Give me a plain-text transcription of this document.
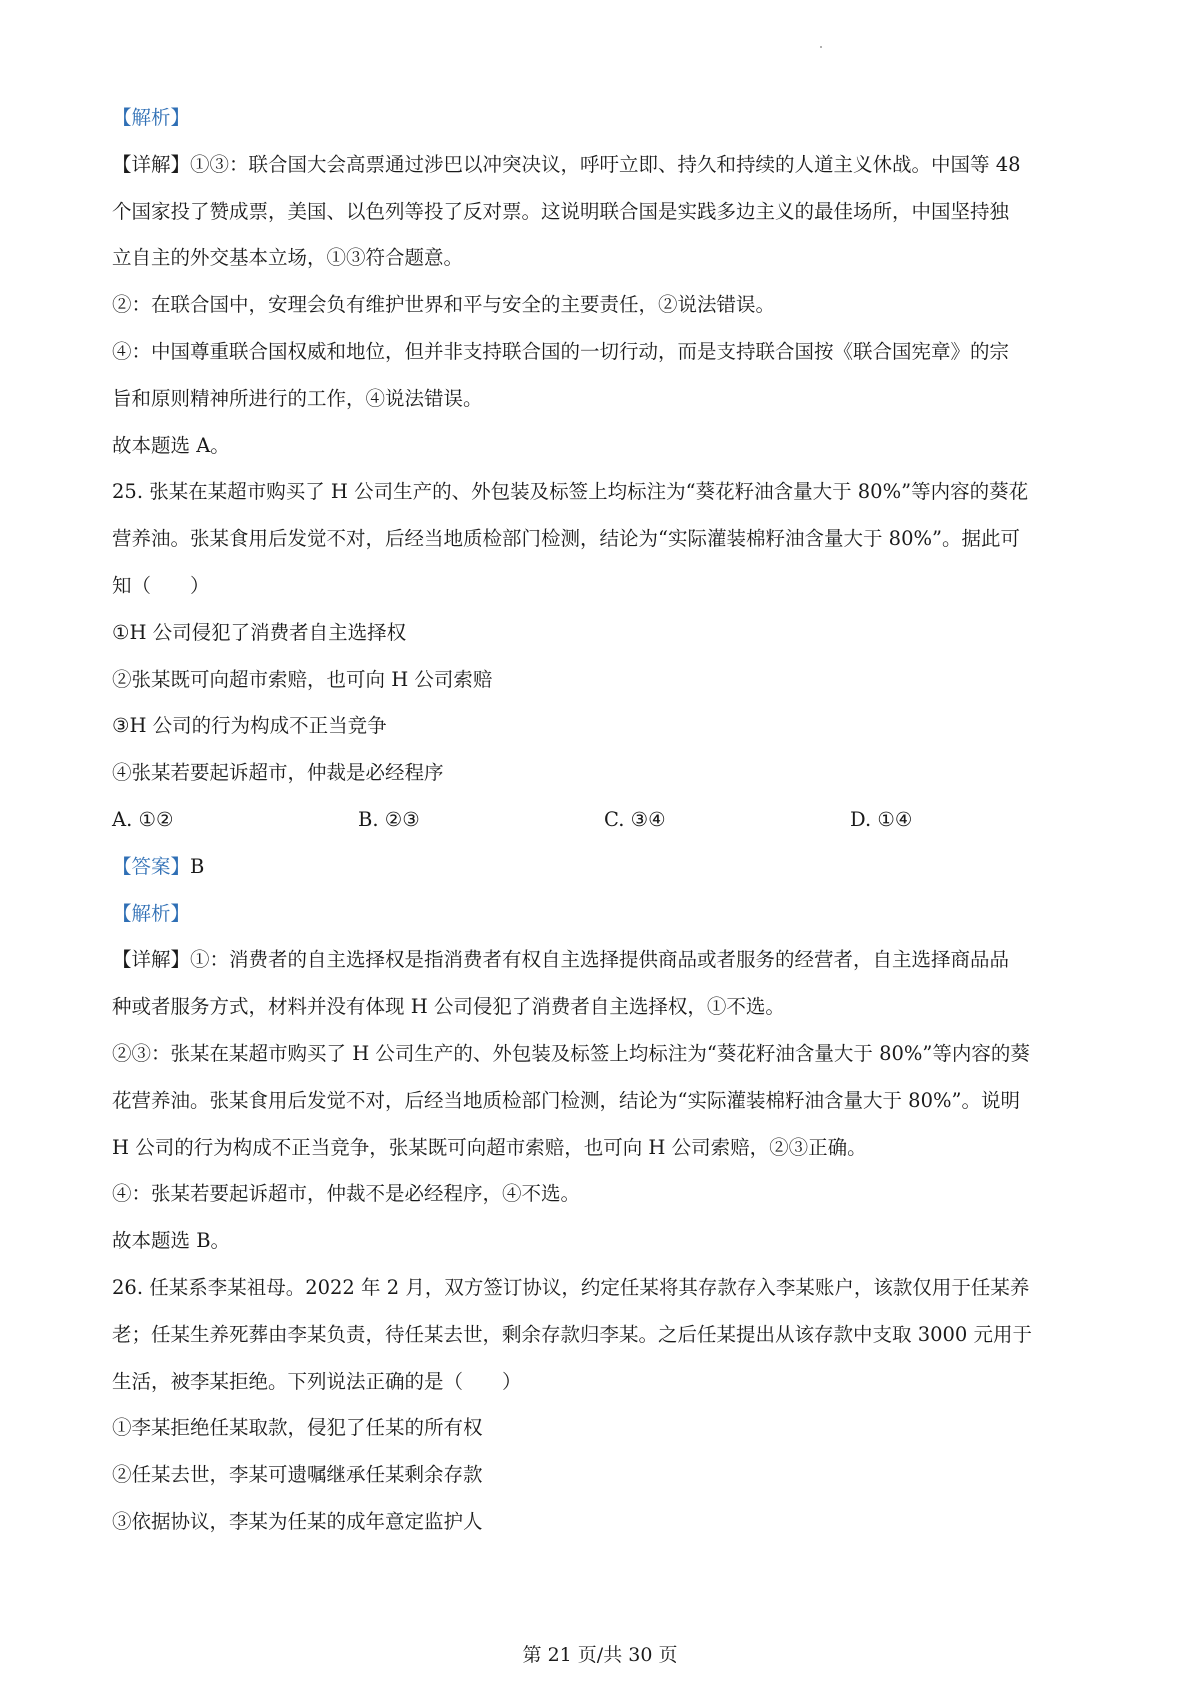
【解析】
【详解】①③：联合国大会高票通过涉巴以冲突决议，呼吁立即、持久和持续的人道主义休战。中国等 48
个国家投了赞成票，美国、以色列等投了反对票。这说明联合国是实践多边主义的最佳场所，中国坚持独
立自主的外交基本立场，①③符合题意。
②：在联合国中，安理会负有维护世界和平与安全的主要责任，②说法错误。
④：中国尊重联合国权威和地位，但并非支持联合国的一切行动，而是支持联合国按《联合国宪章》的宗
旨和原则精神所进行的工作，④说法错误。
故本题选 A。
25. 张某在某超市购买了 H 公司生产的、外包装及标签上均标注为“葵花籽油含量大于 80%”等内容的葵花
营养油。张某食用后发觉不对，后经当地质检部门检测，结论为“实际灌装棉籽油含量大于 80%”。据此可
知（　　）
①H 公司侵犯了消费者自主选择权
②张某既可向超市索赔，也可向 H 公司索赔
③H 公司的行为构成不正当竞争
④张某若要起诉超市，仲裁是必经程序
A. ①②	B. ②③	C. ③④	D. ①④
【答案】B
【解析】
【详解】①：消费者的自主选择权是指消费者有权自主选择提供商品或者服务的经营者，自主选择商品品
种或者服务方式，材料并没有体现 H 公司侵犯了消费者自主选择权，①不选。
②③：张某在某超市购买了 H 公司生产的、外包装及标签上均标注为“葵花籽油含量大于 80%”等内容的葵
花营养油。张某食用后发觉不对，后经当地质检部门检测，结论为“实际灌装棉籽油含量大于 80%”。说明
H 公司的行为构成不正当竞争，张某既可向超市索赔，也可向 H 公司索赔，②③正确。
④：张某若要起诉超市，仲裁不是必经程序，④不选。
故本题选 B。
26. 任某系李某祖母。2022 年 2 月，双方签订协议，约定任某将其存款存入李某账户，该款仅用于任某养
老；任某生养死葬由李某负责，待任某去世，剩余存款归李某。之后任某提出从该存款中支取 3000 元用于
生活，被李某拒绝。下列说法正确的是（　　）
①李某拒绝任某取款，侵犯了任某的所有权
②任某去世，李某可遗嘱继承任某剩余存款
③依据协议，李某为任某的成年意定监护人
第 21 页/共 30 页
